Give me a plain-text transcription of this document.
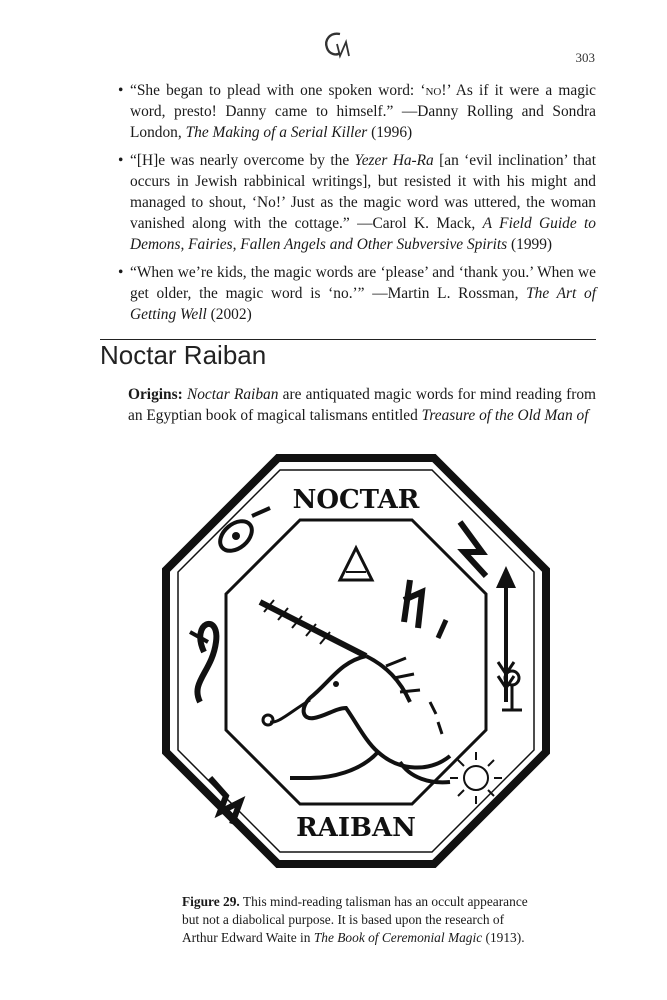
303

• “She began to plead with one spoken word: ‘no!’ As if it were a magic word, presto! Danny came to himself.” —Danny Rolling and Sondra London, The Making of a Serial Killer (1996)

• “[H]e was nearly overcome by the Yezer Ha-Ra [an ‘evil inclination’ that occurs in Jewish rabbinical writings], but resisted it with his might and managed to shout, ‘No!’ Just as the magic word was uttered, the woman vanished along with the cottage.” —Carol K. Mack, A Field Guide to Demons, Fairies, Fallen Angels and Other Subversive Spirits (1999)

• “When we’re kids, the magic words are ‘please’ and ‘thank you.’ When we get older, the magic word is ‘no.’” —Martin L. Rossman, The Art of Getting Well (2002)

Noctar Raiban

Origins: Noctar Raiban are antiquated magic words for mind reading from an Egyptian book of magical talismans entitled Treasure of the Old Man of

NOCTAR
RAIBAN

Figure 29. This mind-reading talisman has an occult appearance but not a diabolical purpose. It is based upon the research of Arthur Edward Waite in The Book of Ceremonial Magic (1913).
